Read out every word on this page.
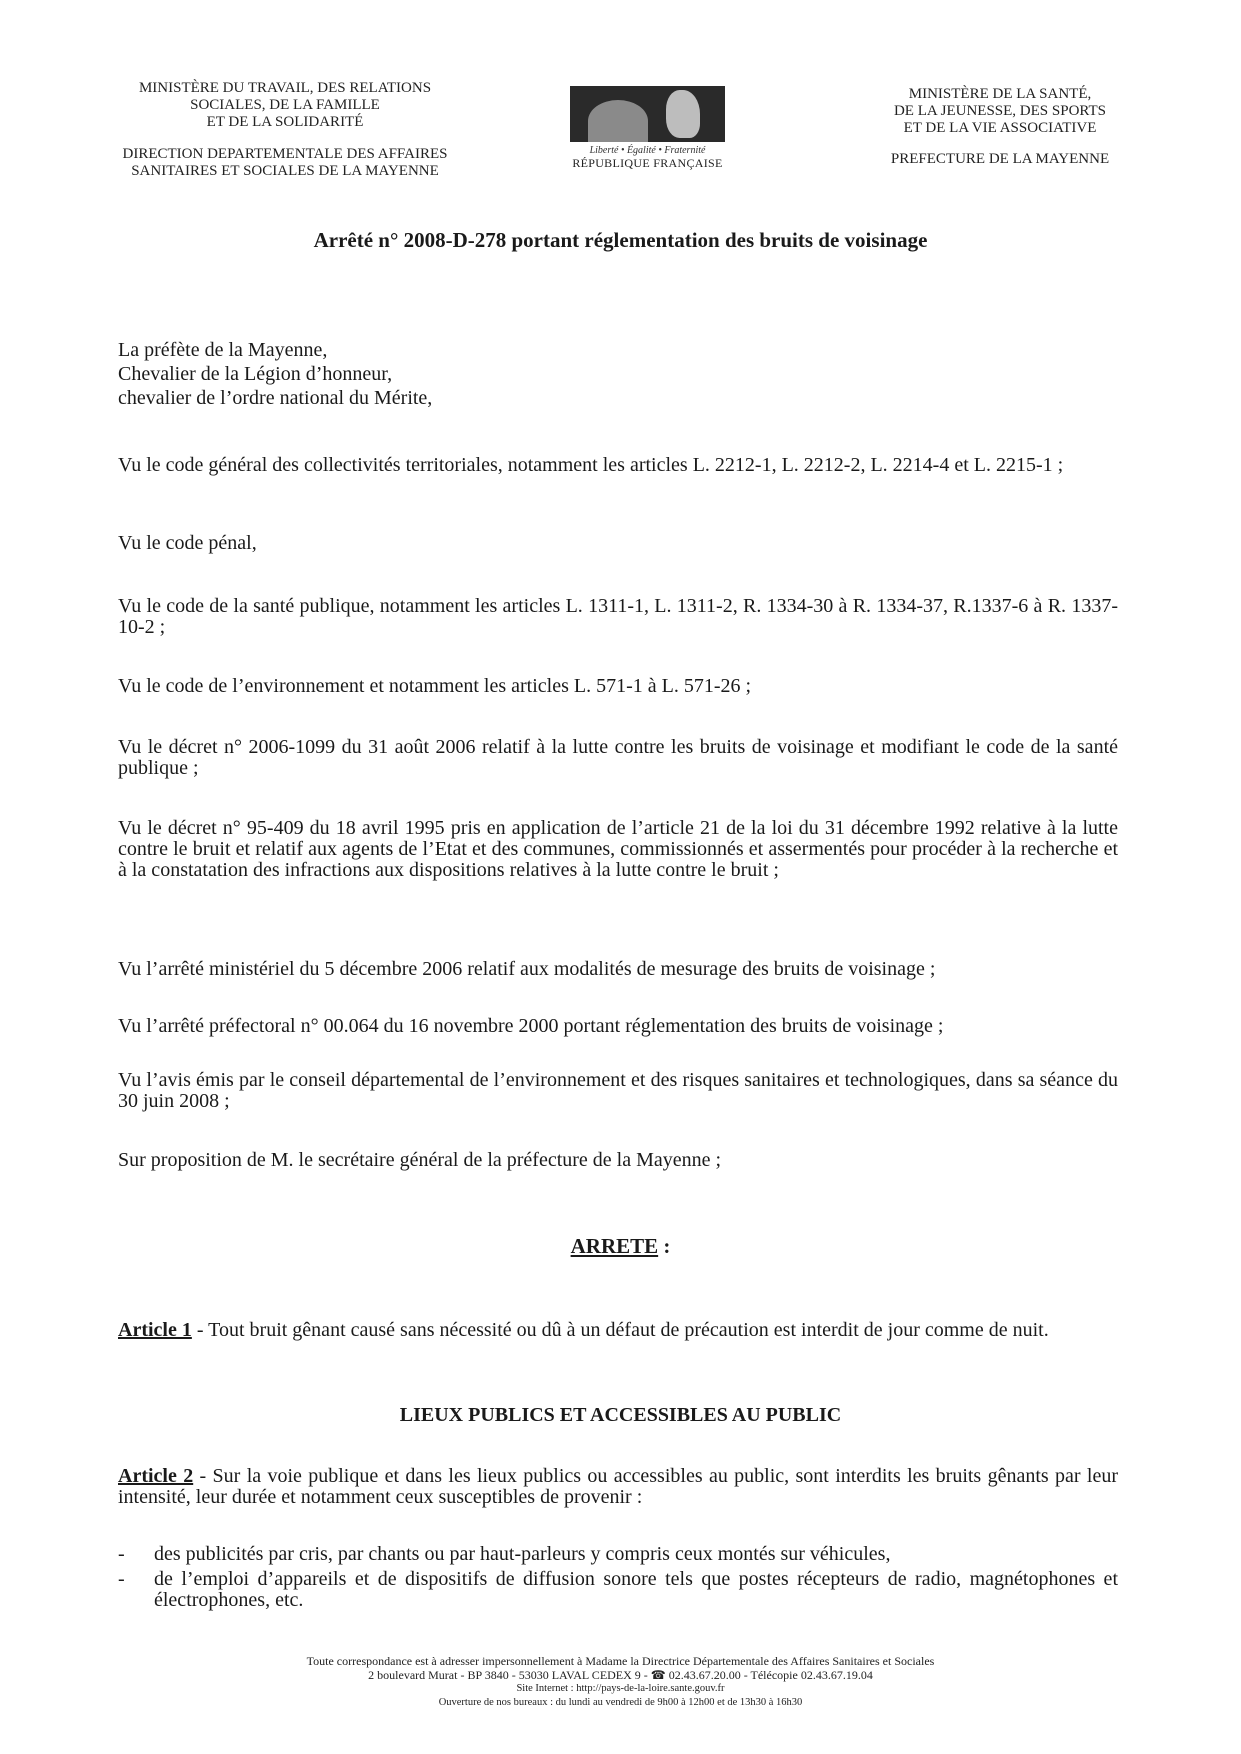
MINISTÈRE DU TRAVAIL, DES RELATIONS
SOCIALES, DE LA FAMILLE
ET DE LA SOLIDARITÉ
DIRECTION DEPARTEMENTALE DES AFFAIRES
SANITAIRES ET SOCIALES DE LA MAYENNE
Liberté • Égalité • Fraternité
RÉPUBLIQUE FRANÇAISE
MINISTÈRE DE LA SANTÉ,
DE LA JEUNESSE, DES SPORTS
ET DE LA VIE ASSOCIATIVE
PREFECTURE DE LA MAYENNE
Arrêté n° 2008-D-278 portant réglementation des bruits de voisinage
La préfète de la Mayenne,
Chevalier de la Légion d’honneur,
chevalier de l’ordre national du Mérite,
Vu le code général des collectivités territoriales, notamment les articles L. 2212-1, L. 2212-2, L. 2214-4 et L. 2215-1 ;
Vu le code pénal,
Vu le code de la santé publique, notamment les articles L. 1311-1, L. 1311-2, R. 1334-30 à R. 1334-37, R.1337-6 à R. 1337-10-2 ;
Vu le code de l’environnement et notamment les articles L. 571-1 à L. 571-26 ;
Vu le décret n° 2006-1099 du 31 août 2006 relatif à la lutte contre les bruits de voisinage et modifiant le code de la santé publique ;
Vu le décret n° 95-409 du 18 avril 1995 pris en application de l’article 21 de la loi du 31 décembre 1992 relative à la lutte contre le bruit et relatif aux agents de l’Etat et des communes, commissionnés et assermentés pour procéder à la recherche et à la constatation des infractions aux dispositions relatives à la lutte contre le bruit ;
Vu l’arrêté ministériel du 5 décembre 2006 relatif aux modalités de mesurage des bruits de voisinage ;
Vu l’arrêté préfectoral n° 00.064 du 16 novembre 2000 portant réglementation des bruits de voisinage ;
Vu l’avis émis par le conseil départemental de l’environnement et des risques sanitaires et technologiques, dans sa séance du 30 juin 2008 ;
Sur proposition de M. le secrétaire général de la préfecture de la Mayenne ;
ARRETE :
Article 1 - Tout bruit gênant causé sans nécessité ou dû à un défaut de précaution est interdit de jour comme de nuit.
LIEUX PUBLICS ET ACCESSIBLES AU PUBLIC
Article 2 - Sur la voie publique et dans les lieux publics ou accessibles au public, sont interdits les bruits gênants par leur intensité, leur durée et notamment ceux susceptibles de provenir :
- des publicités par cris, par chants ou par haut-parleurs y compris ceux montés sur véhicules,
- de l’emploi d’appareils et de dispositifs de diffusion sonore tels que postes récepteurs de radio, magnétophones et électrophones, etc.
Toute correspondance est à adresser impersonnellement à Madame la Directrice Départementale des Affaires Sanitaires et Sociales
2 boulevard Murat - BP 3840 - 53030 LAVAL CEDEX 9 - ☎ 02.43.67.20.00 - Télécopie 02.43.67.19.04
Site Internet : http://pays-de-la-loire.sante.gouv.fr
Ouverture de nos bureaux : du lundi au vendredi de 9h00 à 12h00 et de 13h30 à 16h30
